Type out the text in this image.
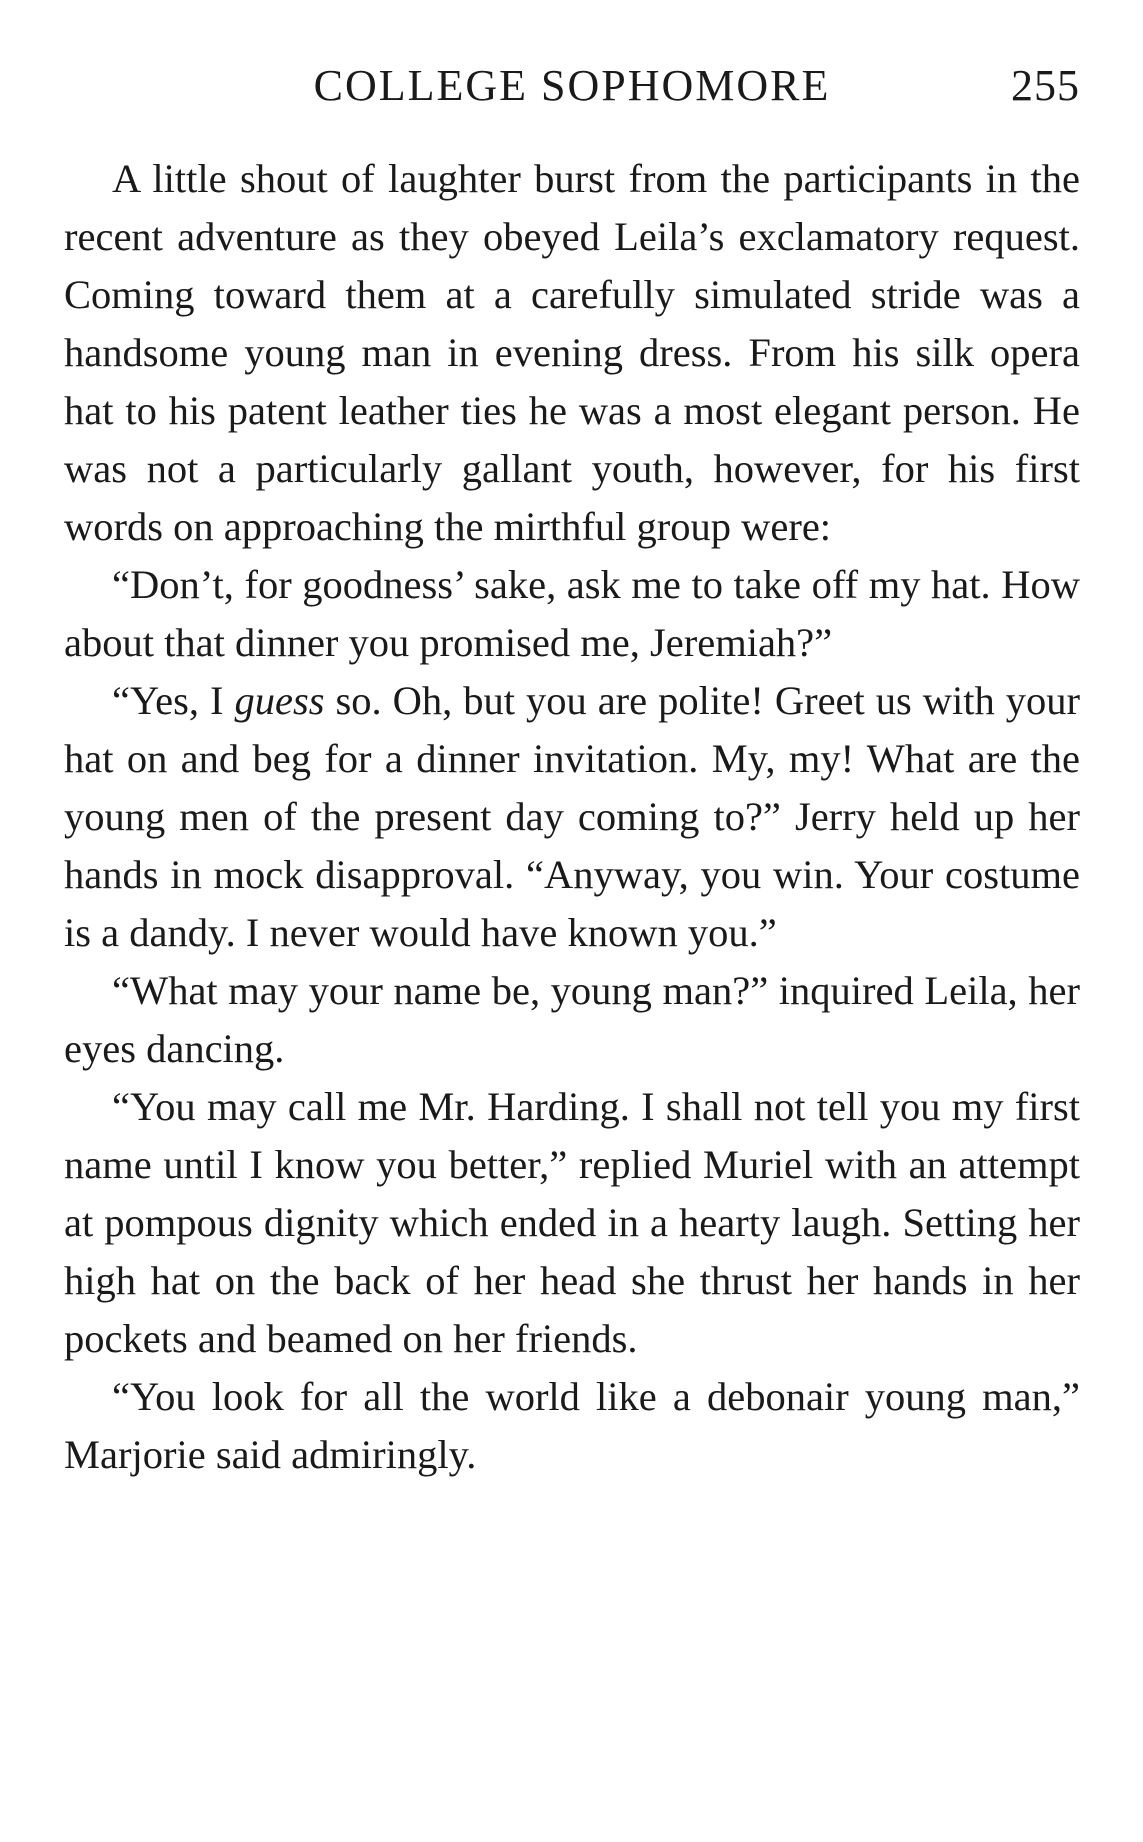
COLLEGE SOPHOMORE	255

A little shout of laughter burst from the participants in the recent adventure as they obeyed Leila’s exclamatory request. Coming toward them at a carefully simulated stride was a handsome young man in evening dress. From his silk opera hat to his patent leather ties he was a most elegant person. He was not a particularly gallant youth, however, for his first words on approaching the mirthful group were:

“Don’t, for goodness’ sake, ask me to take off my hat. How about that dinner you promised me, Jeremiah?”

“Yes, I guess so. Oh, but you are polite! Greet us with your hat on and beg for a dinner invitation. My, my! What are the young men of the present day coming to?” Jerry held up her hands in mock disapproval. “Anyway, you win. Your costume is a dandy. I never would have known you.”

“What may your name be, young man?” inquired Leila, her eyes dancing.

“You may call me Mr. Harding. I shall not tell you my first name until I know you better,” replied Muriel with an attempt at pompous dignity which ended in a hearty laugh. Setting her high hat on the back of her head she thrust her hands in her pockets and beamed on her friends.

“You look for all the world like a debonair young man,” Marjorie said admiringly.
